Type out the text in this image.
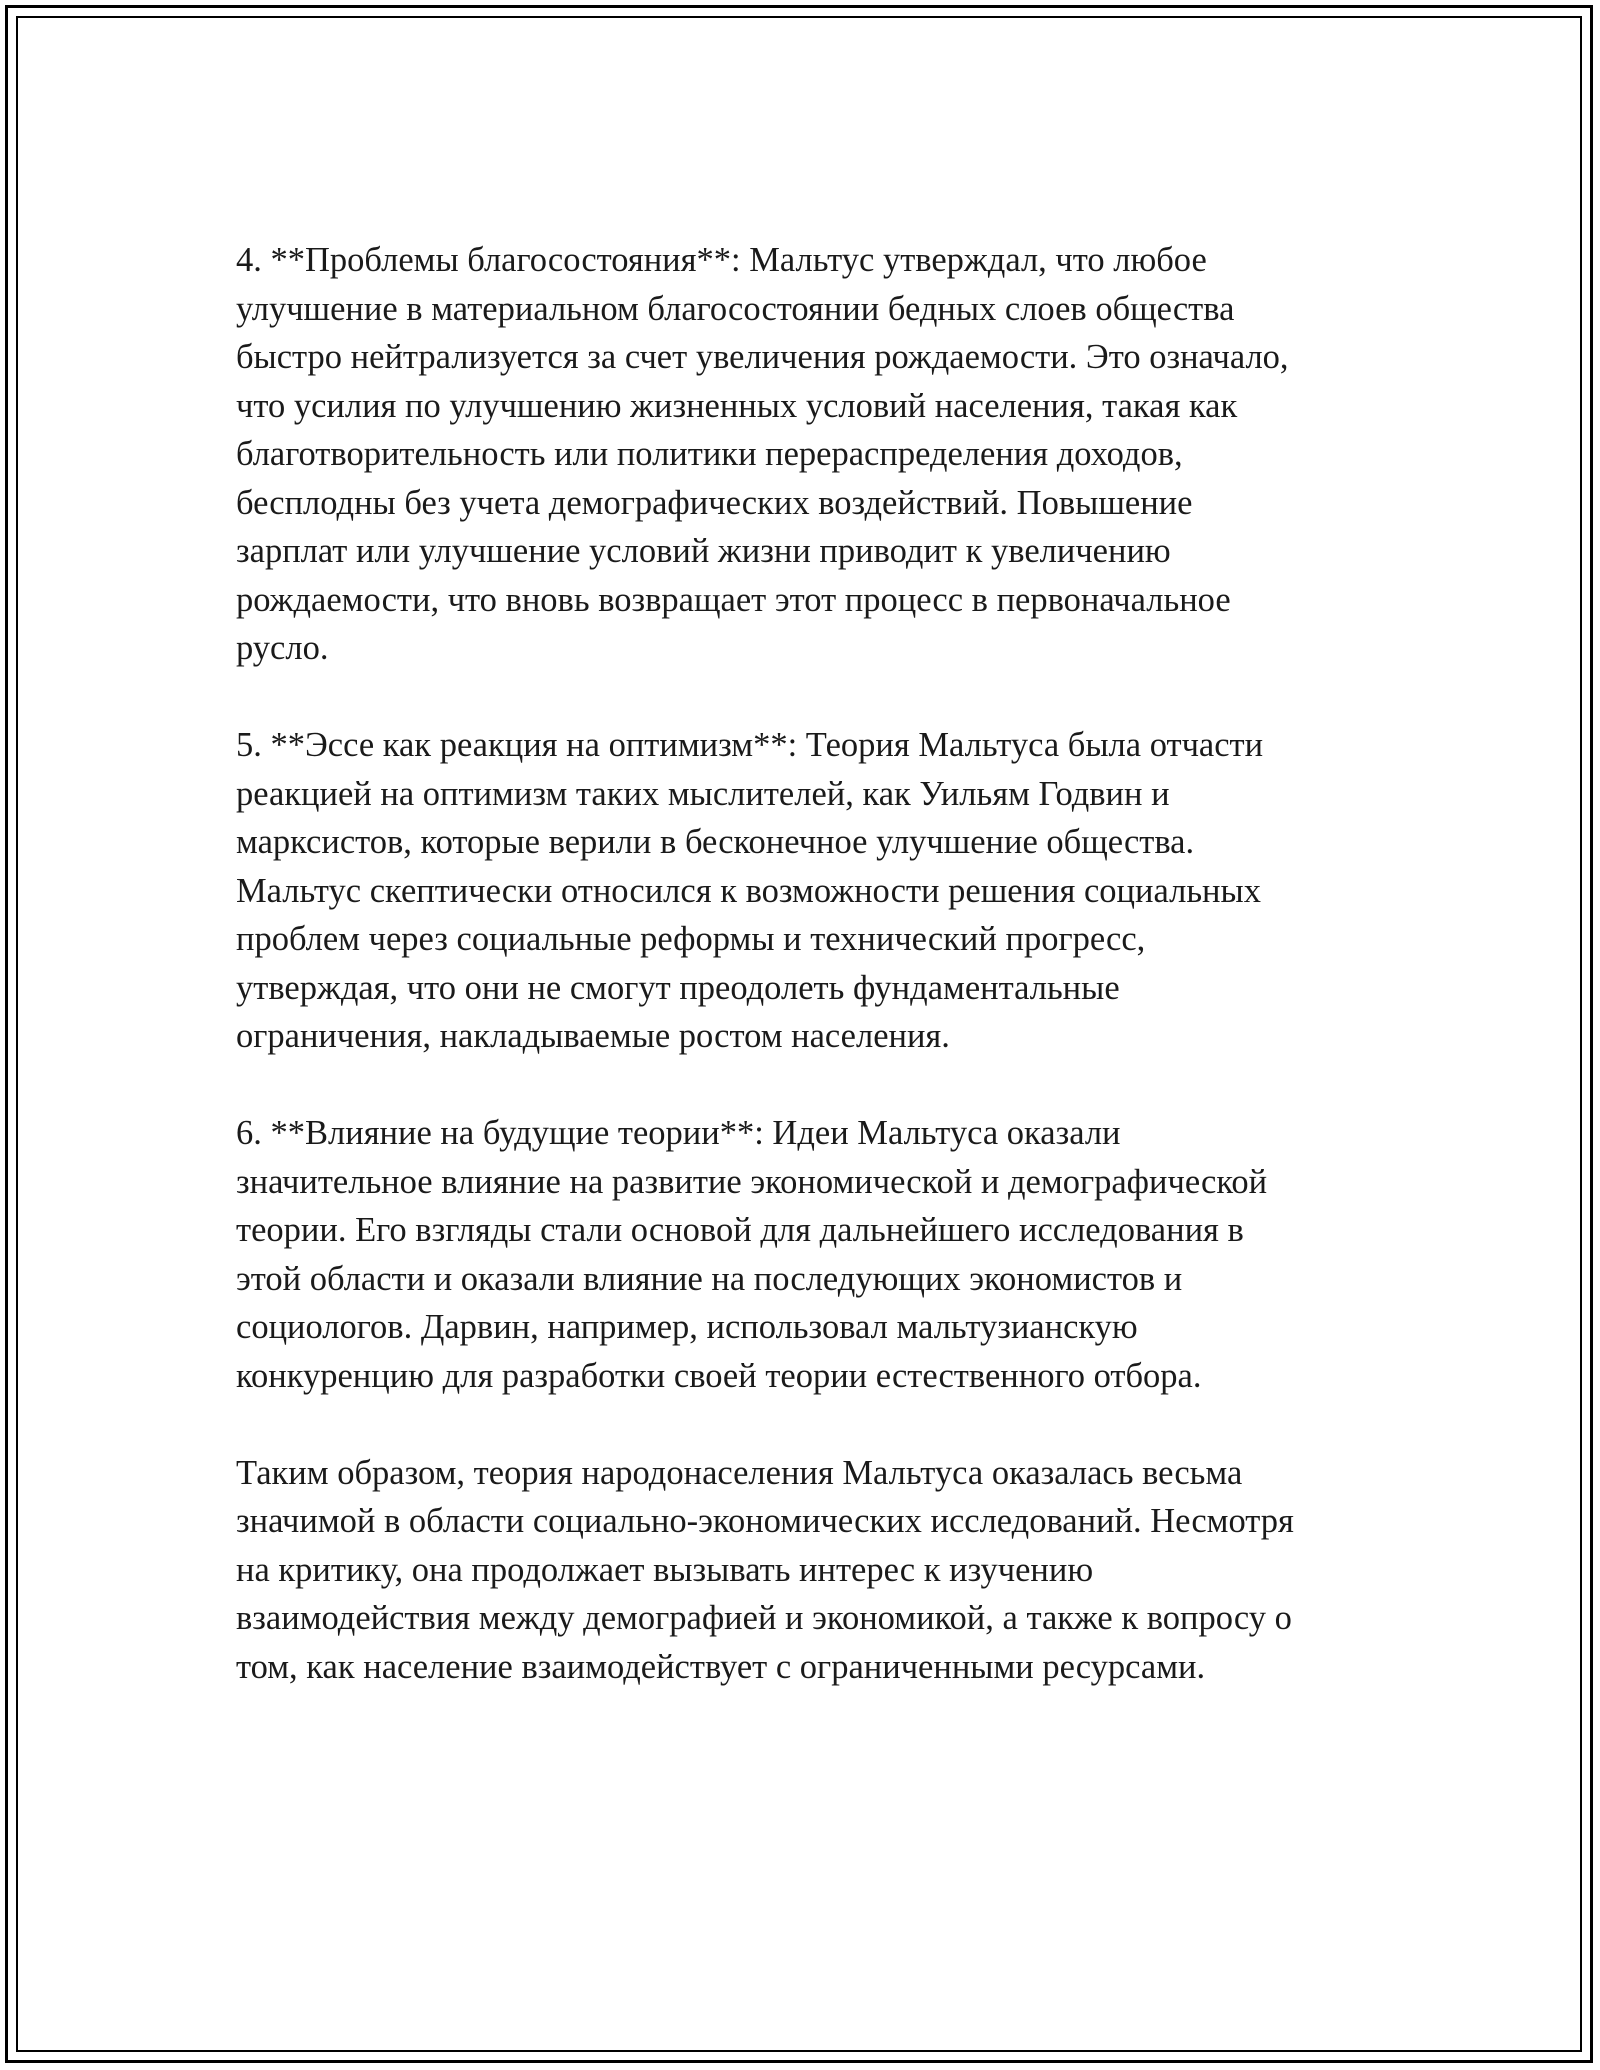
4. **Проблемы благосостояния**: Мальтус утверждал, что любое
улучшение в материальном благосостоянии бедных слоев общества
быстро нейтрализуется за счет увеличения рождаемости. Это означало,
что усилия по улучшению жизненных условий населения, такая как
благотворительность или политики перераспределения доходов,
бесплодны без учета демографических воздействий. Повышение
зарплат или улучшение условий жизни приводит к увеличению
рождаемости, что вновь возвращает этот процесс в первоначальное
русло.

5. **Эссе как реакция на оптимизм**: Теория Мальтуса была отчасти
реакцией на оптимизм таких мыслителей, как Уильям Годвин и
марксистов, которые верили в бесконечное улучшение общества.
Мальтус скептически относился к возможности решения социальных
проблем через социальные реформы и технический прогресс,
утверждая, что они не смогут преодолеть фундаментальные
ограничения, накладываемые ростом населения.

6. **Влияние на будущие теории**: Идеи Мальтуса оказали
значительное влияние на развитие экономической и демографической
теории. Его взгляды стали основой для дальнейшего исследования в
этой области и оказали влияние на последующих экономистов и
социологов. Дарвин, например, использовал мальтузианскую
конкуренцию для разработки своей теории естественного отбора.

Таким образом, теория народонаселения Мальтуса оказалась весьма
значимой в области социально-экономических исследований. Несмотря
на критику, она продолжает вызывать интерес к изучению
взаимодействия между демографией и экономикой, а также к вопросу о
том, как население взаимодействует с ограниченными ресурсами.
